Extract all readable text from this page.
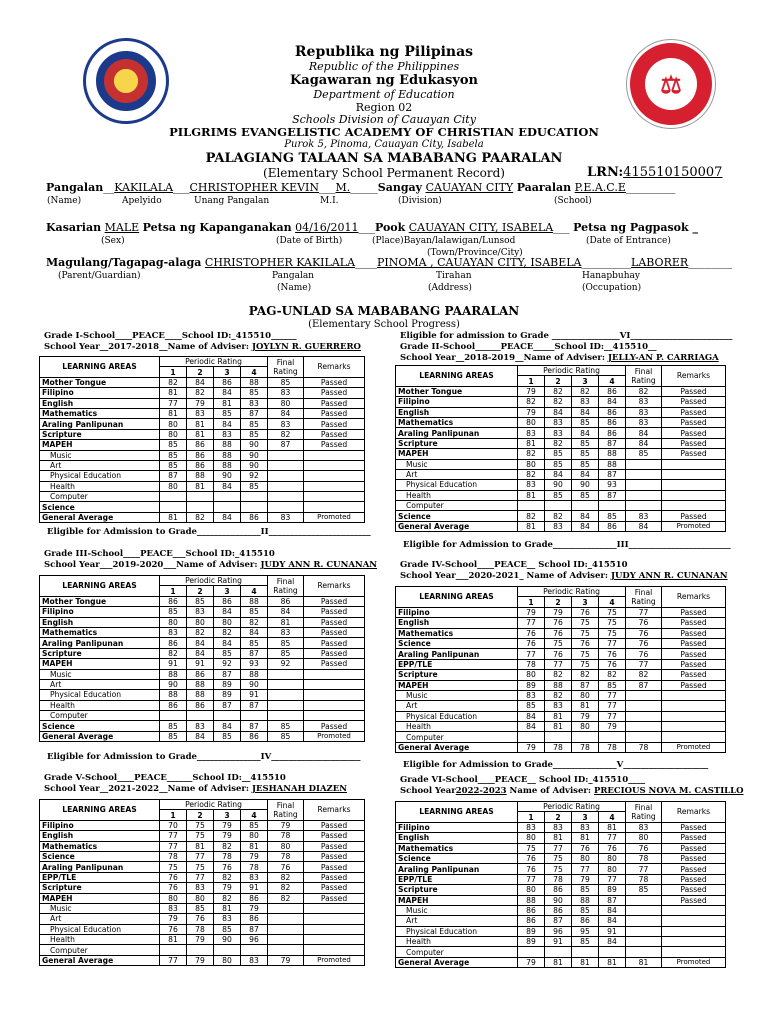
⚖
Republika ng Pilipinas
Republic of the Philippines
Kagawaran ng Edukasyon
Department of Education
Region 02
Schools Division of Cauayan City
PILGRIMS EVANGELISTIC ACADEMY OF CHRISTIAN EDUCATION
Purok 5, Pinoma, Cauayan City, Isabela
PALAGIANG TALAAN SA MABABANG PAARALAN
(Elementary School Permanent Record)	LRN:415510150007
Pangalan__KAKILALA___CHRISTOPHER KEVIN___M._____Sangay CAUAYAN CITY Paaralan P.E.A.C.E_________
(Name)	Apelyido	Unang Pangalan	M.I.	(Division)	(School)
Kasarian MALE Petsa ng Kapanganakan 04/16/2011___Pook CAUAYAN CITY, ISABELA___ Petsa ng Pagpasok _
(Sex)	(Date of Birth)	(Place)Bayan/lalawigan/Lunsod
(Town/Province/City)
(Date of Entrance)
Magulang/Tagapag-alaga CHRISTOPHER KAKILALA____PINOMA , CAUAYAN CITY, ISABELA_________LABORER________
(Parent/Guardian)	Pangalan	Tirahan	Hanapbuhay
(Name)	(Address)	(Occupation)
PAG-UNLAD SA MABABANG PAARALAN
(Elementary School Progress)
Grade I-School____PEACE____School ID:_415510______
School Year__2017-2018__Name of Adviser: JOYLYN R. GUERRERO
LEARNING AREAS	Periodic Rating				Final
Rating	Remarks
	1	2	3	4		
Mother Tongue	82	84	86	88	85	Passed
Filipino	81	82	84	85	83	Passed
English	77	79	81	83	80	Passed
Mathematics	81	83	85	87	84	Passed
Araling Panlipunan	80	81	84	85	83	Passed
Scripture	80	81	83	85	82	Passed
MAPEH	85	86	88	90	87	Passed
Music	85	86	88	90		
Art	85	86	88	90		
Physical Education	87	88	90	92		
Health	80	81	84	85		
Computer						
Science						
General Average	81	82	84	86	83	Promoted
Eligible for Admission to Grade_______________II________________________
Eligible for admission to Grade ________________VI________________________
Grade II-School______PEACE_____School ID:__415510__
School Year__2018-2019__Name of Adviser: JELLY-AN P. CARRIAGA
LEARNING AREAS	Periodic Rating				Final
Rating	Remarks
	1	2	3	4		
Mother Tongue	79	82	82	86	82	Passed
Filipino	82	82	83	84	83	Passed
English	79	84	84	86	83	Passed
Mathematics	80	83	85	86	83	Passed
Araling Panlipunan	83	83	84	86	84	Passed
Scripture	81	82	85	87	84	Passed
MAPEH	82	85	85	88	85	Passed
Music	80	85	85	88		
Art	82	84	84	87		
Physical Education	83	90	90	93		
Health	81	85	85	87		
Computer						
Science	82	82	84	85	83	Passed
General Average	81	83	84	86	84	Promoted
Eligible for Admission to Grade_______________III________________________
Grade III-School____PEACE___School ID:_415510
School Year___2019-2020___Name of Adviser: JUDY ANN R. CUNANAN
LEARNING AREAS	Periodic Rating				Final
Rating	Remarks
	1	2	3	4		
Mother Tongue	86	85	86	88	86	Passed
Filipino	85	83	84	85	84	Passed
English	80	80	80	82	81	Passed
Mathematics	83	82	82	84	83	Passed
Araling Panlipunan	86	84	84	85	85	Passed
Scripture	82	84	85	87	85	Passed
MAPEH	91	91	92	93	92	Passed
Music	88	86	87	88		
Art	90	88	89	90		
Physical Education	88	88	89	91		
Health	86	86	87	87		
Computer						
Science	85	83	84	87	85	Passed
General Average	85	84	85	86	85	Promoted
Eligible for Admission to Grade_______________IV_____________________
Grade IV-School____PEACE__ School ID:_415510
School Year___2020-2021_ Name of Adviser: JUDY ANN R. CUNANAN
LEARNING AREAS	Periodic Rating				Final
Rating	Remarks
	1	2	3	4		
Filipino	79	79	76	75	77	Passed
English	77	76	75	75	76	Passed
Mathematics	76	76	75	75	76	Passed
Science	76	75	76	77	76	Passed
Araling Panlipunan	77	76	75	76	76	Passed
EPP/TLE	78	77	75	76	77	Passed
Scripture	80	82	82	82	82	Passed
MAPEH	89	88	87	85	87	Passed
Music	83	82	80	77		
Art	85	83	81	77		
Physical Education	84	81	79	77		
Health	84	81	80	79		
Computer						
General Average	79	78	78	78	78	Promoted
Eligible for Admission to Grade_______________V____________________
Grade V-School____PEACE______School ID:__415510
School Year__2021-2022__Name of Adviser: JESHANAH DIAZEN
LEARNING AREAS	Periodic Rating				Final
Rating	Remarks
	1	2	3	4		
Filipino	70	75	79	85	79	Passed
English	77	75	79	80	78	Passed
Mathematics	77	81	82	81	80	Passed
Science	78	77	78	79	78	Passed
Araling Panlipunan	75	75	76	78	76	Passed
EPP/TLE	76	77	82	83	82	Passed
Scripture	76	83	79	91	82	Passed
MAPEH	80	80	82	86	82	Passed
Music	83	85	81	79		
Art	79	76	83	86		
Physical Education	76	78	85	87		
Health	81	79	90	96		
Computer						
General Average	77	79	80	83	79	Promoted
Grade VI-School____PEACE__ School ID:_415510____
School Year2022-2023 Name of Adviser: PRECIOUS NOVA M. CASTILLO
LEARNING AREAS	Periodic Rating				Final
Rating	Remarks
	1	2	3	4		
Filipino	83	83	83	81	83	Passed
English	80	81	81	77	80	Passed
Mathematics	75	77	76	76	76	Passed
Science	76	75	80	80	78	Passed
Araling Panlipunan	76	75	77	80	77	Passed
EPP/TLE	77	78	79	77	78	Passed
Scripture	80	86	85	89	85	Passed
MAPEH	88	90	88	87		Passed
Music	86	86	85	84		
Art	86	87	86	84		
Physical Education	89	96	95	91		
Health	89	91	85	84		
Computer						
General Average	79	81	81	81	81	Promoted
